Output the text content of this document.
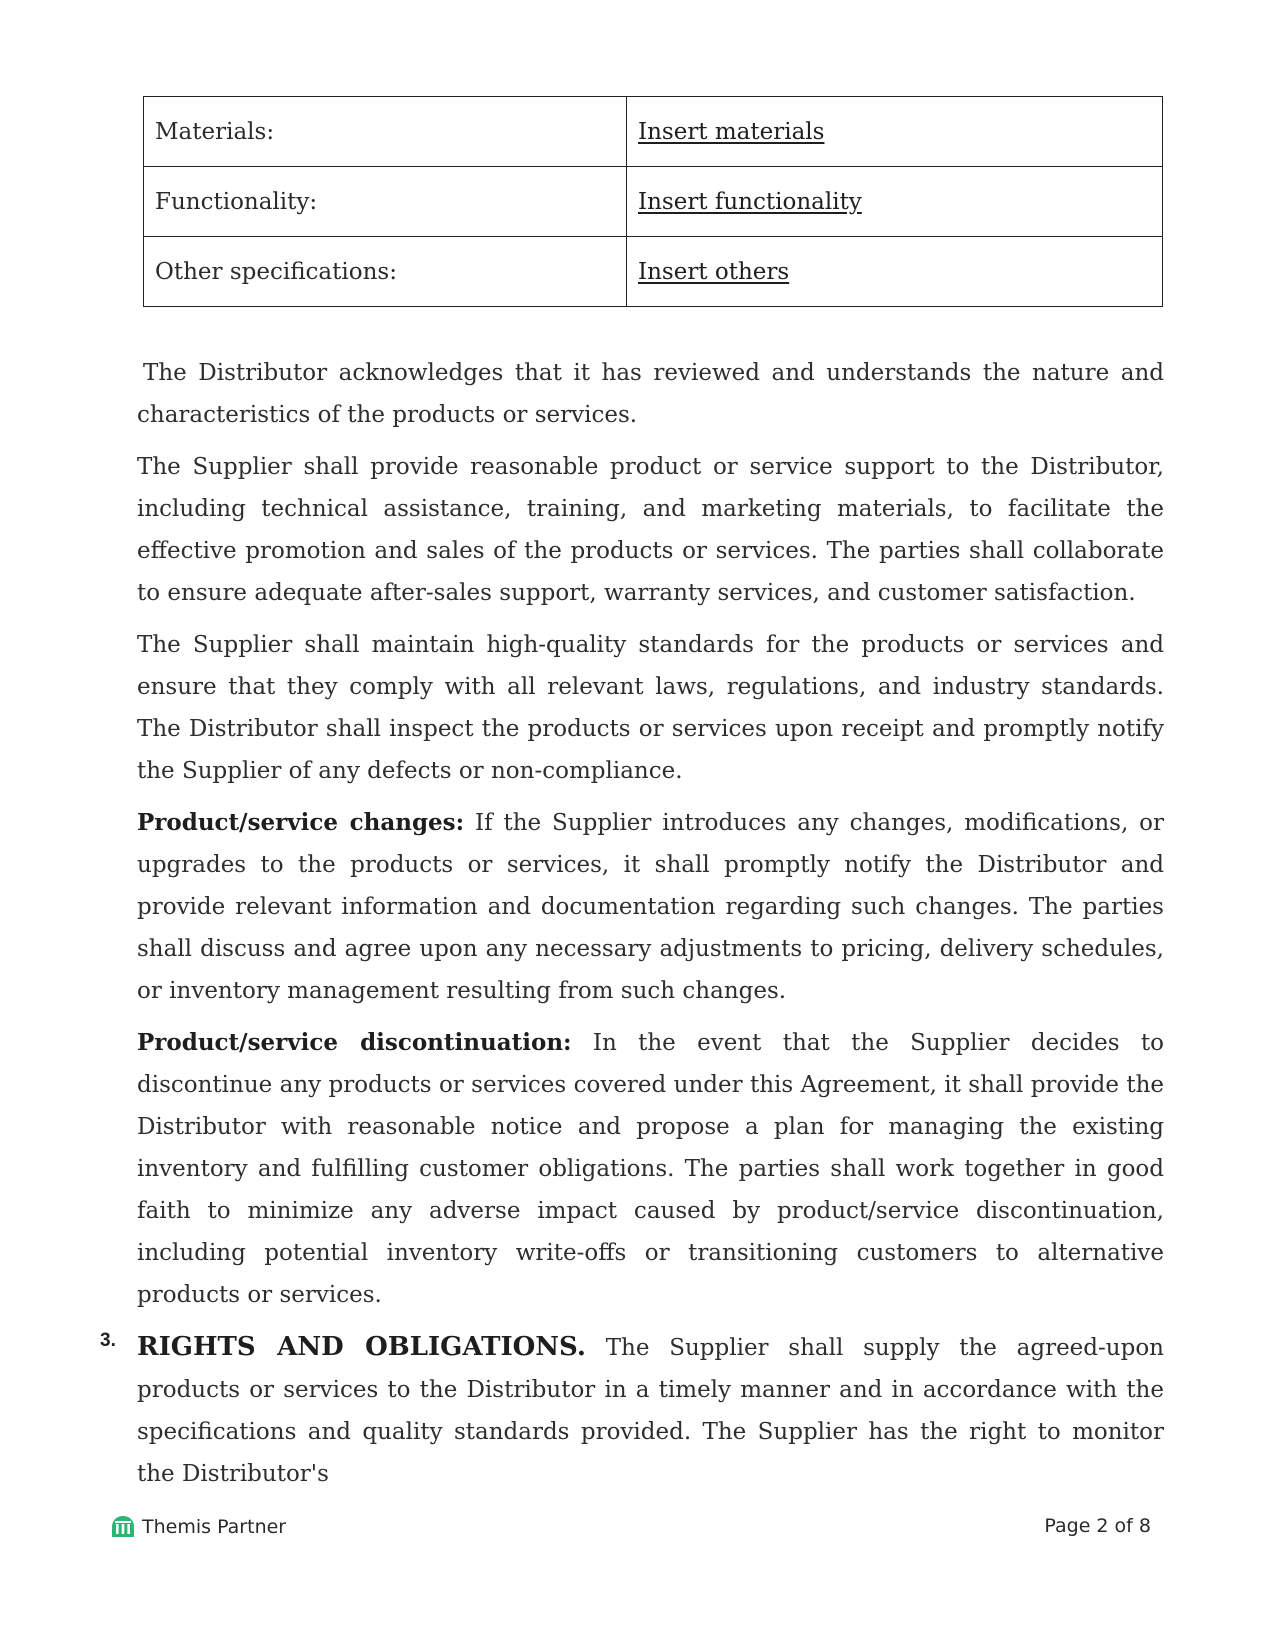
Materials:	Insert materials
Functionality:	Insert functionality
Other specifications:	Insert others

The Distributor acknowledges that it has reviewed and understands the nature and characteristics of the products or services.

The Supplier shall provide reasonable product or service support to the Distributor, including technical assistance, training, and marketing materials, to facilitate the effective promotion and sales of the products or services. The parties shall collaborate to ensure adequate after-sales support, warranty services, and customer satisfaction.

The Supplier shall maintain high-quality standards for the products or services and ensure that they comply with all relevant laws, regulations, and industry standards. The Distributor shall inspect the products or services upon receipt and promptly notify the Supplier of any defects or non-compliance.

Product/service changes: If the Supplier introduces any changes, modifications, or upgrades to the products or services, it shall promptly notify the Distributor and provide relevant information and documentation regarding such changes. The parties shall discuss and agree upon any necessary adjustments to pricing, delivery schedules, or inventory management resulting from such changes.

Product/service discontinuation: In the event that the Supplier decides to discontinue any products or services covered under this Agreement, it shall provide the Distributor with reasonable notice and propose a plan for managing the existing inventory and fulfilling customer obligations. The parties shall work together in good faith to minimize any adverse impact caused by product/service discontinuation, including potential inventory write-offs or transitioning customers to alternative products or services.

3. RIGHTS AND OBLIGATIONS. The Supplier shall supply the agreed-upon products or services to the Distributor in a timely manner and in accordance with the specifications and quality standards provided. The Supplier has the right to monitor the Distributor's
Themis Partner	Page 2 of 8
